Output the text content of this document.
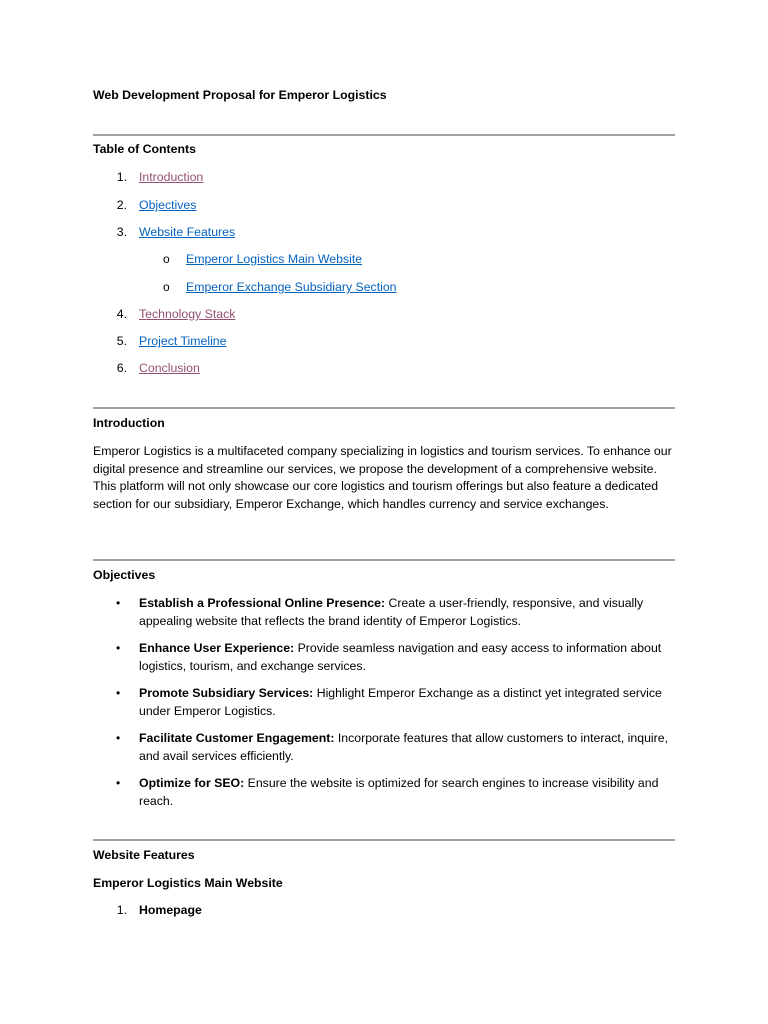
Web Development Proposal for Emperor Logistics
Table of Contents
1. Introduction
2. Objectives
3. Website Features
o Emperor Logistics Main Website
o Emperor Exchange Subsidiary Section
4. Technology Stack
5. Project Timeline
6. Conclusion
Introduction
Emperor Logistics is a multifaceted company specializing in logistics and tourism services. To enhance our digital presence and streamline our services, we propose the development of a comprehensive website. This platform will not only showcase our core logistics and tourism offerings but also feature a dedicated section for our subsidiary, Emperor Exchange, which handles currency and service exchanges.
Objectives
• Establish a Professional Online Presence: Create a user-friendly, responsive, and visually appealing website that reflects the brand identity of Emperor Logistics.
• Enhance User Experience: Provide seamless navigation and easy access to information about logistics, tourism, and exchange services.
• Promote Subsidiary Services: Highlight Emperor Exchange as a distinct yet integrated service under Emperor Logistics.
• Facilitate Customer Engagement: Incorporate features that allow customers to interact, inquire, and avail services efficiently.
• Optimize for SEO: Ensure the website is optimized for search engines to increase visibility and reach.
Website Features
Emperor Logistics Main Website
1. Homepage
